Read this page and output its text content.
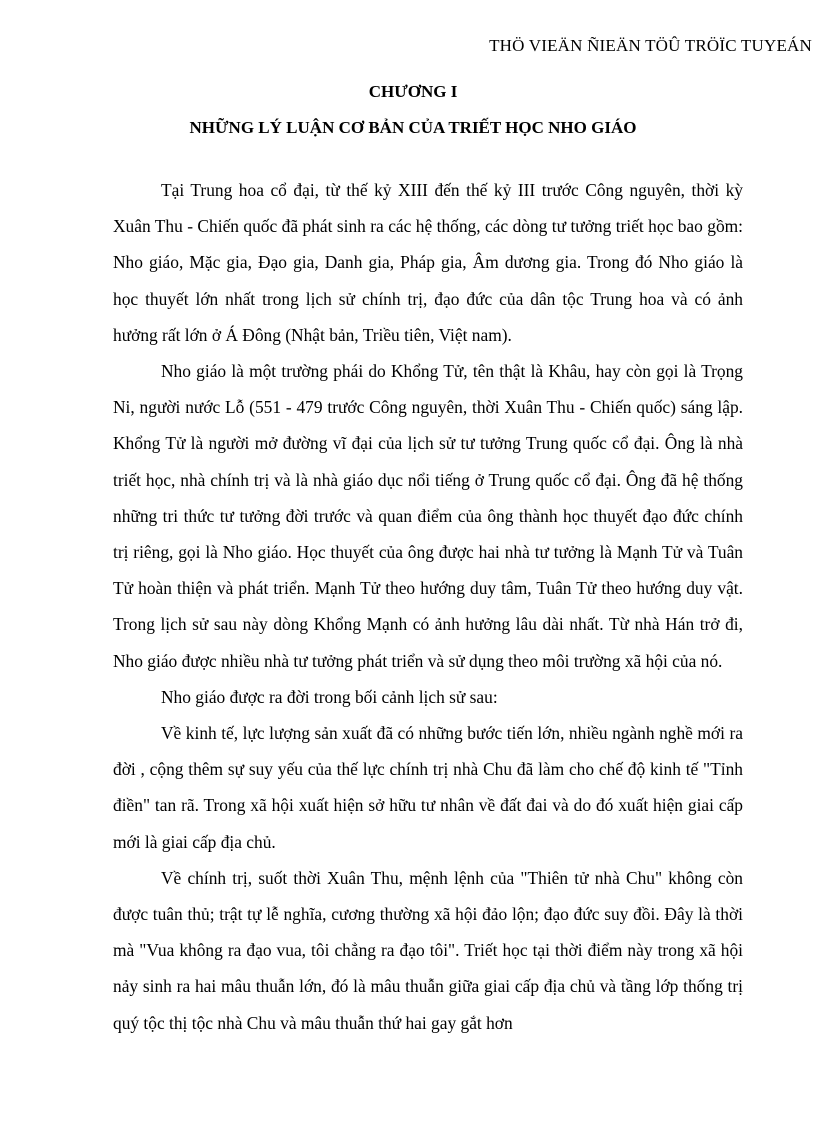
THÖ VIEÄN ÑIEÄN TÖÛ TRÖÏC TUYEÁN
CHƯƠNG I
NHỮNG LÝ LUẬN CƠ BẢN CỦA TRIẾT HỌC NHO GIÁO

Tại Trung hoa cổ đại, từ thế kỷ XIII đến thế kỷ III trước Công nguyên, thời kỳ Xuân Thu - Chiến quốc đã phát sinh ra các hệ thống, các dòng tư tưởng triết học bao gồm: Nho giáo, Mặc gia, Đạo gia, Danh gia, Pháp gia, Âm dương gia. Trong đó Nho giáo là học thuyết lớn nhất trong lịch sử chính trị, đạo đức của dân tộc Trung hoa và có ảnh hưởng rất lớn ở Á Đông (Nhật bản, Triều tiên, Việt nam).

Nho giáo là một trường phái do Khổng Tử, tên thật là Khâu, hay còn gọi là Trọng Ni, người nước Lỗ (551 - 479 trước Công nguyên, thời Xuân Thu - Chiến quốc) sáng lập. Khổng Tử là người mở đường vĩ đại của lịch sử tư tưởng Trung quốc cổ đại. Ông là nhà triết học, nhà chính trị và là nhà giáo dục nổi tiếng ở Trung quốc cổ đại. Ông đã hệ thống những tri thức tư tưởng đời trước và quan điểm của ông thành học thuyết đạo đức chính trị riêng, gọi là Nho giáo. Học thuyết của ông được hai nhà tư tưởng là Mạnh Tử và Tuân Tử hoàn thiện và phát triển. Mạnh Tử theo hướng duy tâm, Tuân Tử theo hướng duy vật. Trong lịch sử sau này dòng Khổng Mạnh có ảnh hưởng lâu dài nhất. Từ nhà Hán trở đi, Nho giáo được nhiều nhà tư tưởng phát triển và sử dụng theo môi trường xã hội của nó.

Nho giáo được ra đời trong bối cảnh lịch sử sau:

Về kinh tế, lực lượng sản xuất đã có những bước tiến lớn, nhiều ngành nghề mới ra đời , cộng thêm sự suy yếu của thế lực chính trị nhà Chu đã làm cho chế độ kinh tế "Tỉnh điền" tan rã. Trong xã hội xuất hiện sở hữu tư nhân về đất đai và do đó xuất hiện giai cấp mới là giai cấp địa chủ.

Về chính trị, suốt thời Xuân Thu, mệnh lệnh của "Thiên tử nhà Chu" không còn được tuân thủ; trật tự lễ nghĩa, cương thường xã hội đảo lộn; đạo đức suy đồi. Đây là thời mà "Vua không ra đạo vua, tôi chẳng ra đạo tôi". Triết học tại thời điểm này trong xã hội nảy sinh ra hai mâu thuẫn lớn, đó là mâu thuẫn giữa giai cấp địa chủ và tầng lớp thống trị quý tộc thị tộc nhà Chu và mâu thuẫn thứ hai gay gắt hơn
